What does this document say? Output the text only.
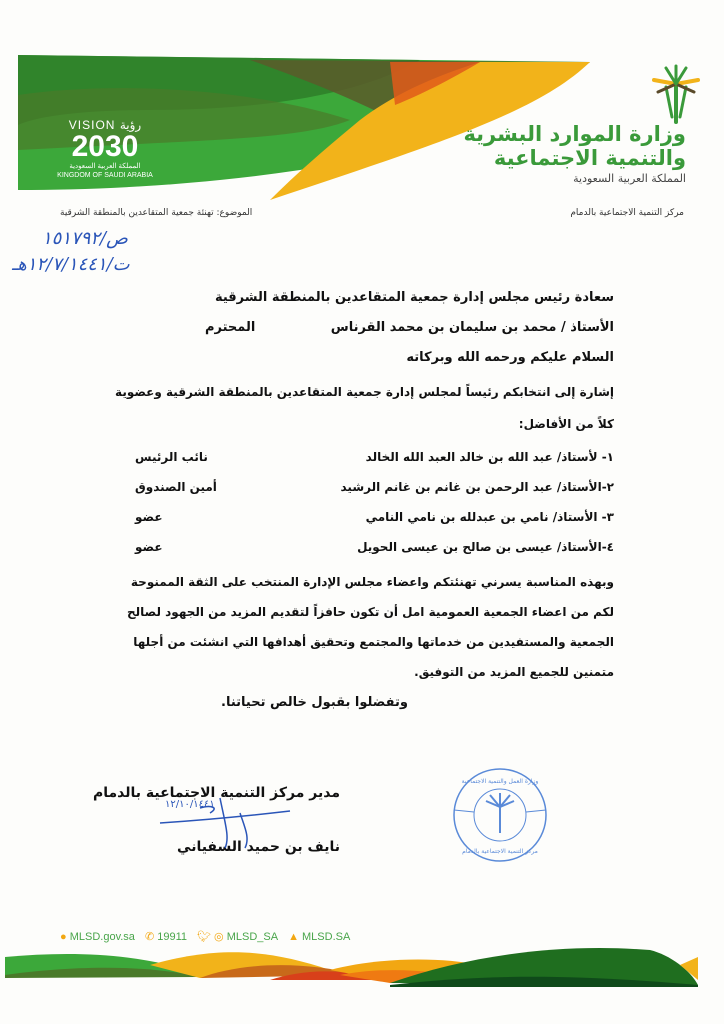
VISION رؤية
2030
المملكة العربية السعودية
KINGDOM OF SAUDI ARABIA
وزارة الموارد البشرية
والتنمية الاجتماعية
المملكة العربية السعودية
مركز التنمية الاجتماعية بالدمام
الموضوع: تهنئة جمعية المتقاعدين بالمنطقة الشرقية
ص/١٥١٧٩٢
ت/١٢/٧/١٤٤١هـ
سعادة رئيس مجلس إدارة جمعية المتقاعدين بالمنطقة الشرقية
الأستاذ / محمد بن سليمان بن محمد القرناس
المحترم
السلام عليكم ورحمه الله وبركاته
إشارة إلى انتخابكم رئيساً لمجلس إدارة جمعية المتقاعدين بالمنطقة الشرقية وعضوية
كلاً من الأفاضل:
١- لأستاذ/ عبد الله بن خالد العبد الله الخالد
نائب الرئيس
٢-الأستاذ/ عبد الرحمن بن غانم بن غانم الرشيد
أمين الصندوق
٣- الأستاذ/ نامي بن عبدلله بن نامي النامي
عضو
٤-الأستاذ/ عيسى بن صالح بن عيسى الحويل
عضو
وبهذه المناسبة يسرني تهنئتكم واعضاء مجلس الإدارة المنتخب على الثقة الممنوحة
لكم من اعضاء الجمعية العمومية امل أن تكون حافزاً لتقديم المزيد من الجهود لصالح
الجمعية والمستفيدين من خدماتها والمجتمع وتحقيق أهدافها التي انشئت من أجلها
متمنين للجميع المزيد من التوفيق.
وتفضلوا بقبول خالص تحياتنا.
مدير مركز التنمية الاجتماعية بالدمام
١٢/١٠/١٤٤١
نايف بن حميد السفياني
وزارة العمل والتنمية الاجتماعية
مركز التنمية الاجتماعية بالدمام
● MLSD.gov.sa ✆ 19911 🐦︎ ◎ MLSD_SA ▲ MLSD.SA
